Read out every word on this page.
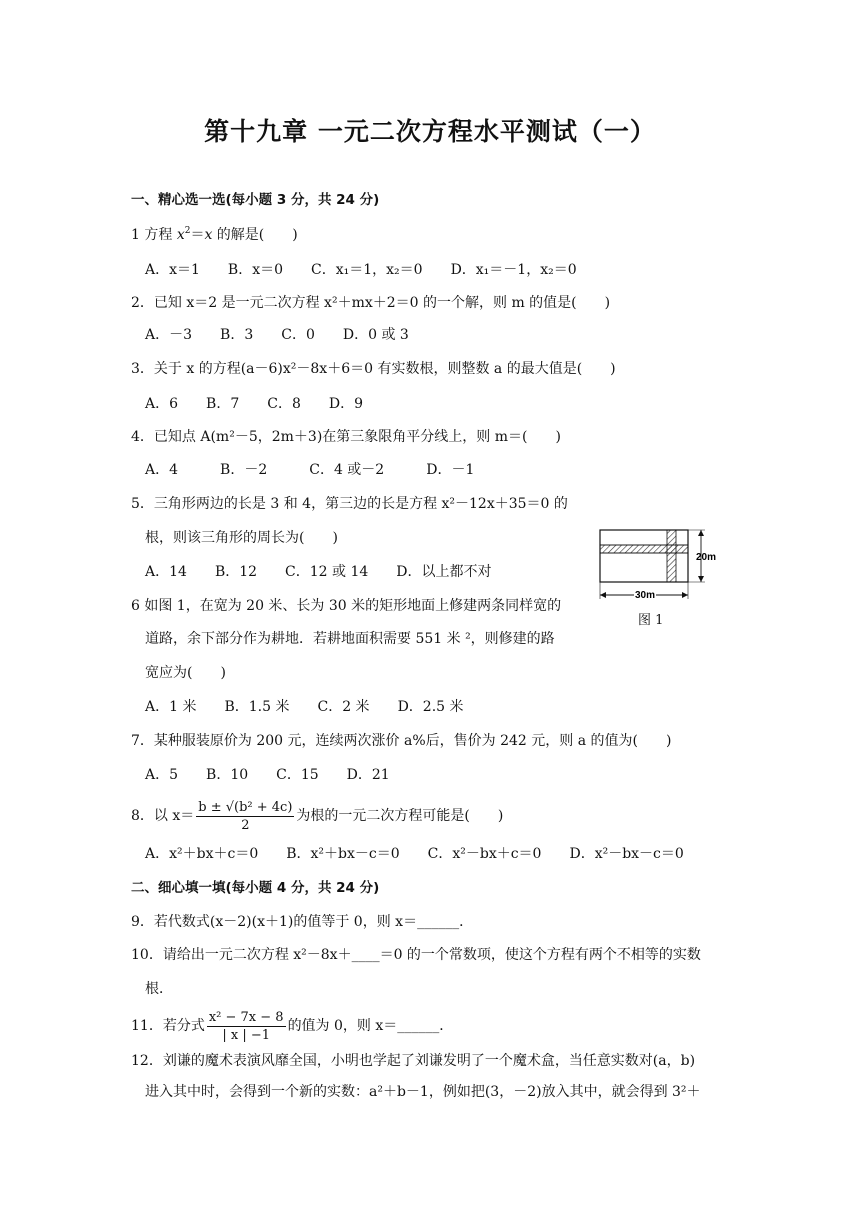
第十九章 一元二次方程水平测试（一）
一、精心选一选(每小题 3 分，共 24 分)
1 方程 $x^2=x$ 的解是(　　)
A．x＝1 B．x＝0 C．x₁＝1，x₂＝0 D．x₁＝－1，x₂＝0
2．已知 x＝2 是一元二次方程 x²＋mx＋2＝0 的一个解，则 m 的值是(　　)
A．－3 B．3 C．0 D．0 或 3
3．关于 x 的方程(a－6)x²－8x＋6＝0 有实数根，则整数 a 的最大值是(　　)
A．6 B．7 C．8 D．9
4．已知点 A(m²－5，2m＋3)在第三象限角平分线上，则 m＝(　　)
A．4	B．－2	C．4 或－2	D．－1
5．三角形两边的长是 3 和 4，第三边的长是方程 x²－12x＋35＝0 的
根，则该三角形的周长为(　　)
A．14 B．12 C．12 或 14 D．以上都不对
20m
30m
图 1
6 如图 1，在宽为 20 米、长为 30 米的矩形地面上修建两条同样宽的
道路，余下部分作为耕地．若耕地面积需要 551 米 ²，则修建的路
宽应为(　　)
A．1 米 B．1.5 米 C．2 米 D．2.5 米
7．某种服装原价为 200 元，连续两次涨价 a%后，售价为 242 元，则 a 的值为(　　)
A．5 B．10 C．15 D．21
8．以 $x= \frac{\text{b ± √(b² + 4c)}}{2}$ 为根的一元二次方程可能是(　　)
A．x²＋bx＋c＝0 B．x²＋bx－c＝0 C．x²－bx＋c＝0 D．x²－bx－c＝0
二、细心填一填(每小题 4 分，共 24 分)
9．若代数式(x－2)(x＋1)的值等于 0，则 x＝______．
10．请给出一元二次方程 x²－8x＋____＝0 的一个常数项，使这个方程有两个不相等的实数
根．
11．若分式 $\frac{\text{x² − 7x − 8}}{| x | -1}$ 的值为 0，则 x＝______．
12．刘谦的魔术表演风靡全国，小明也学起了刘谦发明了一个魔术盒，当任意实数对(a，b)
进入其中时，会得到一个新的实数：a²＋b－1，例如把(3，－2)放入其中，就会得到 3²＋
